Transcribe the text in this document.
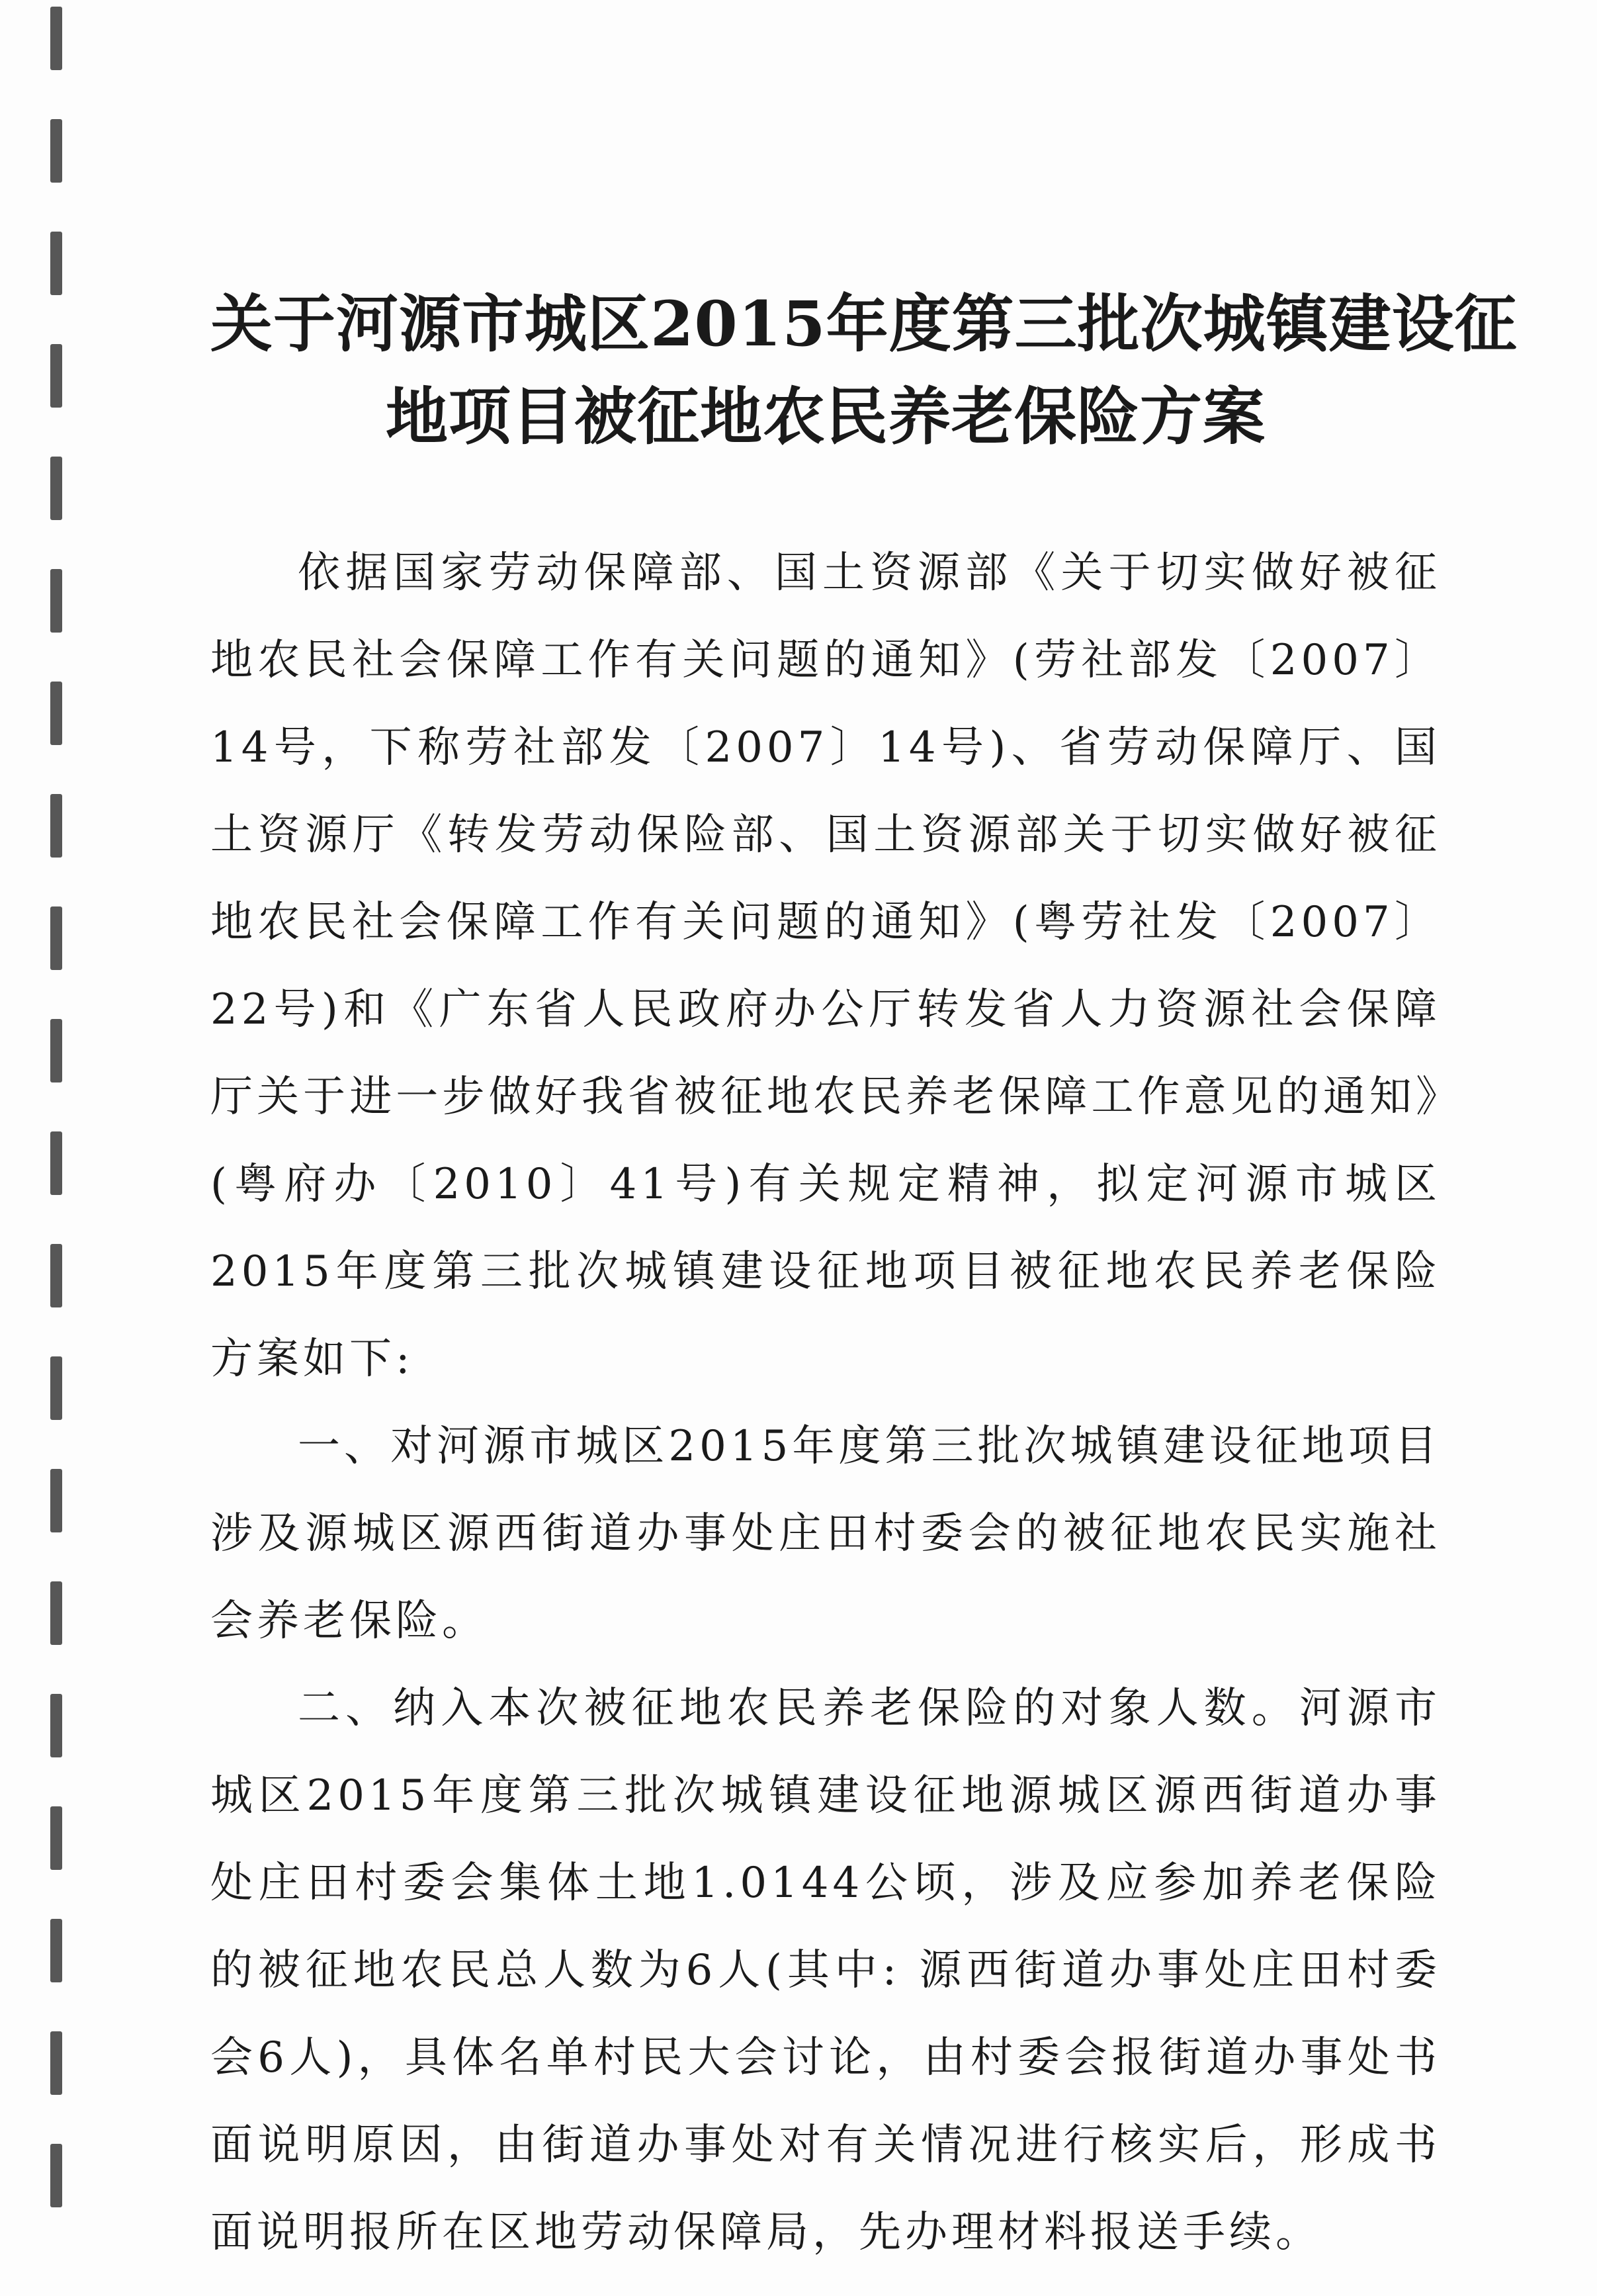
关于河源市城区2015年度第三批次城镇建设征
地项目被征地农民养老保险方案

依据国家劳动保障部、国土资源部《关于切实做好被征地农民社会保障工作有关问题的通知》(劳社部发〔2007〕14号，下称劳社部发〔2007〕14号)、省劳动保障厅、国土资源厅《转发劳动保险部、国土资源部关于切实做好被征地农民社会保障工作有关问题的通知》(粤劳社发〔2007〕22号)和《广东省人民政府办公厅转发省人力资源社会保障厅关于进一步做好我省被征地农民养老保障工作意见的通知》(粤府办〔2010〕41号)有关规定精神，拟定河源市城区2015年度第三批次城镇建设征地项目被征地农民养老保险方案如下:

一、对河源市城区2015年度第三批次城镇建设征地项目涉及源城区源西街道办事处庄田村委会的被征地农民实施社会养老保险。

二、纳入本次被征地农民养老保险的对象人数。河源市城区2015年度第三批次城镇建设征地源城区源西街道办事处庄田村委会集体土地1.0144公顷，涉及应参加养老保险的被征地农民总人数为6人(其中: 源西街道办事处庄田村委会6人)，具体名单村民大会讨论，由村委会报街道办事处书面说明原因，由街道办事处对有关情况进行核实后，形成书面说明报所在区地劳动保障局，先办理材料报送手续。
